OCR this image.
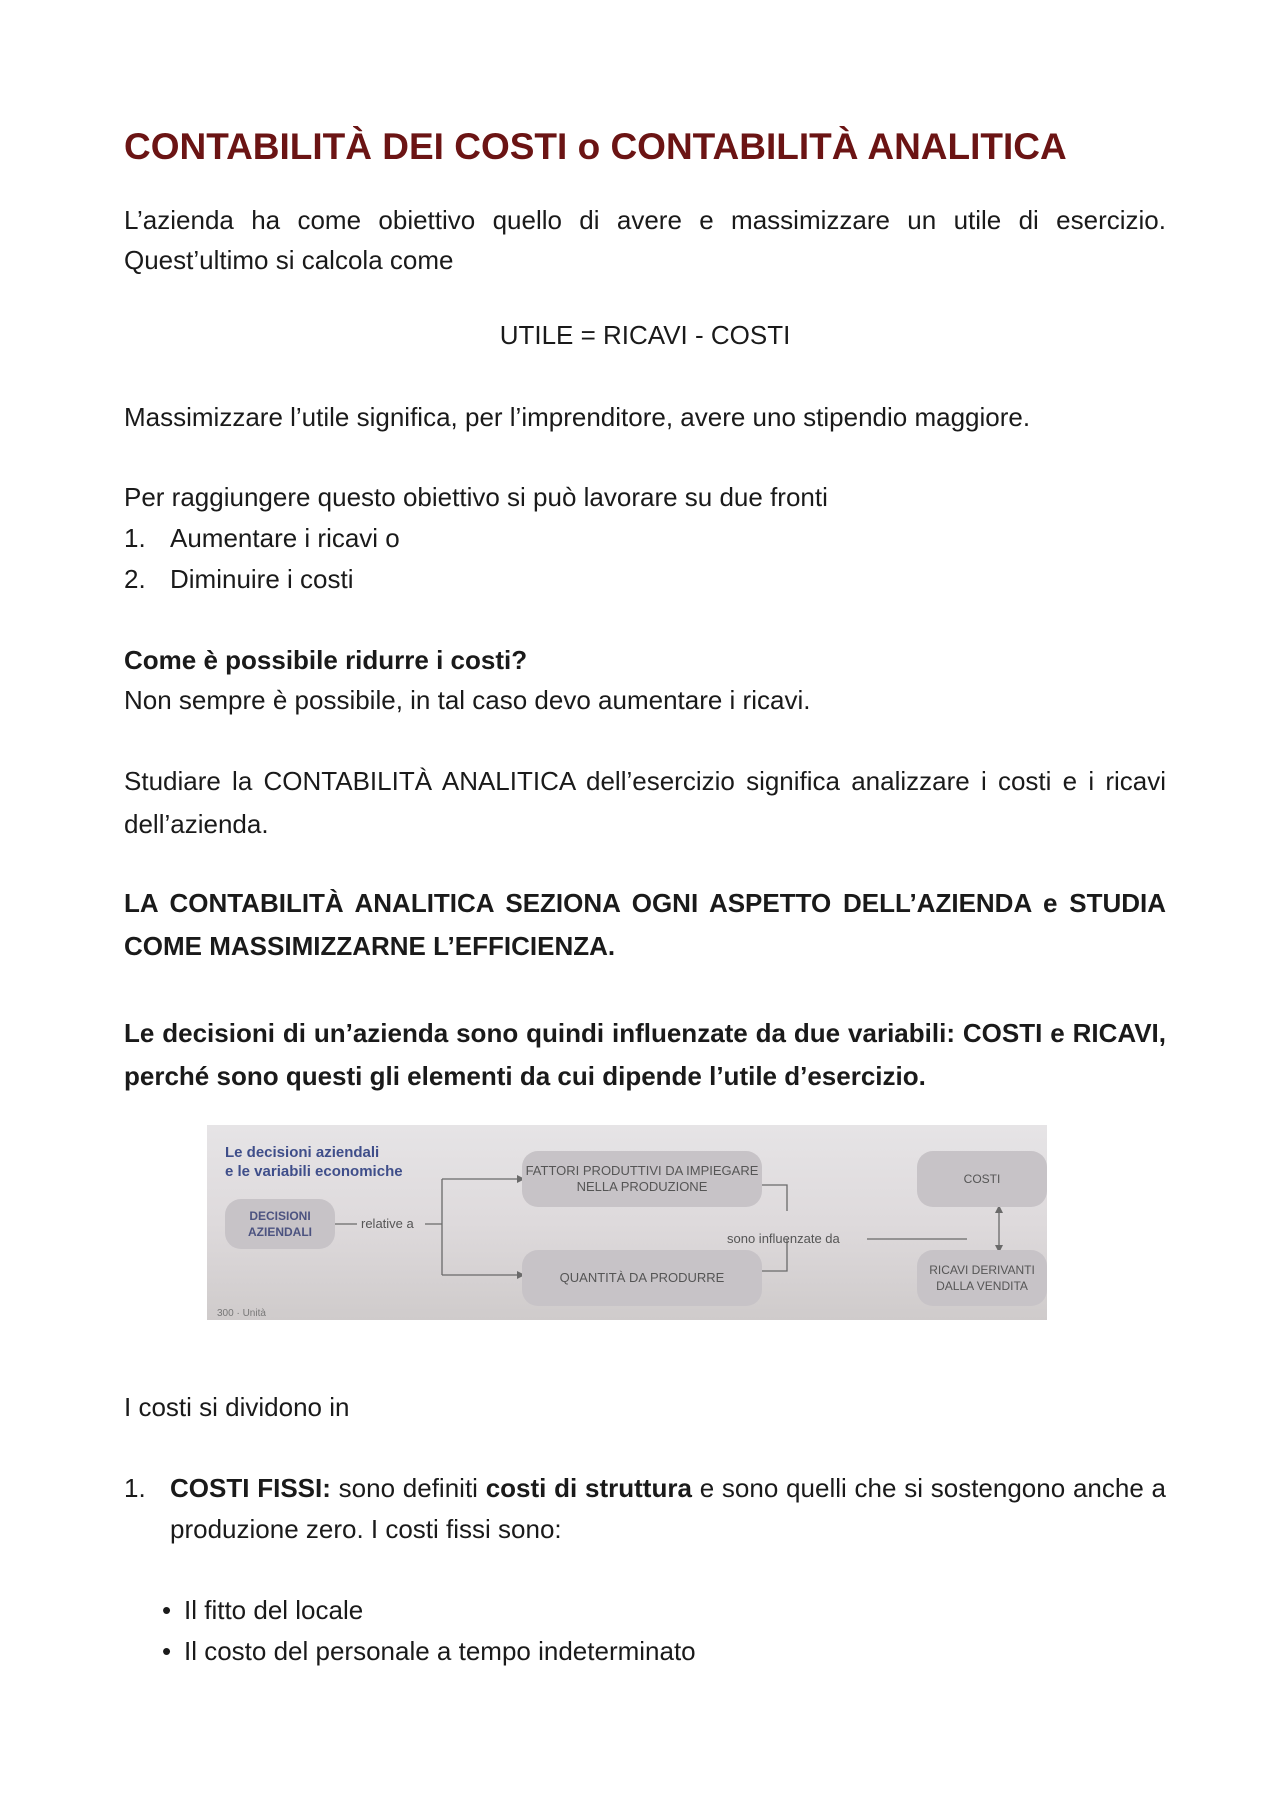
CONTABILITÀ DEI COSTI o CONTABILITÀ ANALITICA

L’azienda ha come obiettivo quello di avere e massimizzare un utile di esercizio. Quest’ultimo si calcola come

UTILE = RICAVI - COSTI

Massimizzare l’utile significa, per l’imprenditore, avere uno stipendio maggiore.

Per raggiungere questo obiettivo si può lavorare su due fronti

1. Aumentare i ricavi o
2. Diminuire i costi

Come è possibile ridurre i costi?

Non sempre è possibile, in tal caso devo aumentare i ricavi.

Studiare la CONTABILITÀ ANALITICA dell’esercizio significa analizzare i costi e i ricavi dell’azienda.

LA CONTABILITÀ ANALITICA SEZIONA OGNI ASPETTO DELL’AZIENDA e STUDIA COME MASSIMIZZARNE L’EFFICIENZA.

Le decisioni di un’azienda sono quindi influenzate da due variabili: COSTI e RICAVI, perché sono questi gli elementi da cui dipende l’utile d’esercizio.

Le decisioni aziendali
e le variabili economiche
DECISIONI AZIENDALI
relative a
FATTORI PRODUTTIVI DA IMPIEGARE NELLA PRODUZIONE
QUANTITÀ DA PRODURRE
sono influenzate da
COSTI
RICAVI DERIVANTI DALLA VENDITA
300 · Unità

I costi si dividono in

1. COSTI FISSI: sono definiti costi di struttura e sono quelli che si sostengono anche a produzione zero. I costi fissi sono:
• Il fitto del locale
• Il costo del personale a tempo indeterminato
